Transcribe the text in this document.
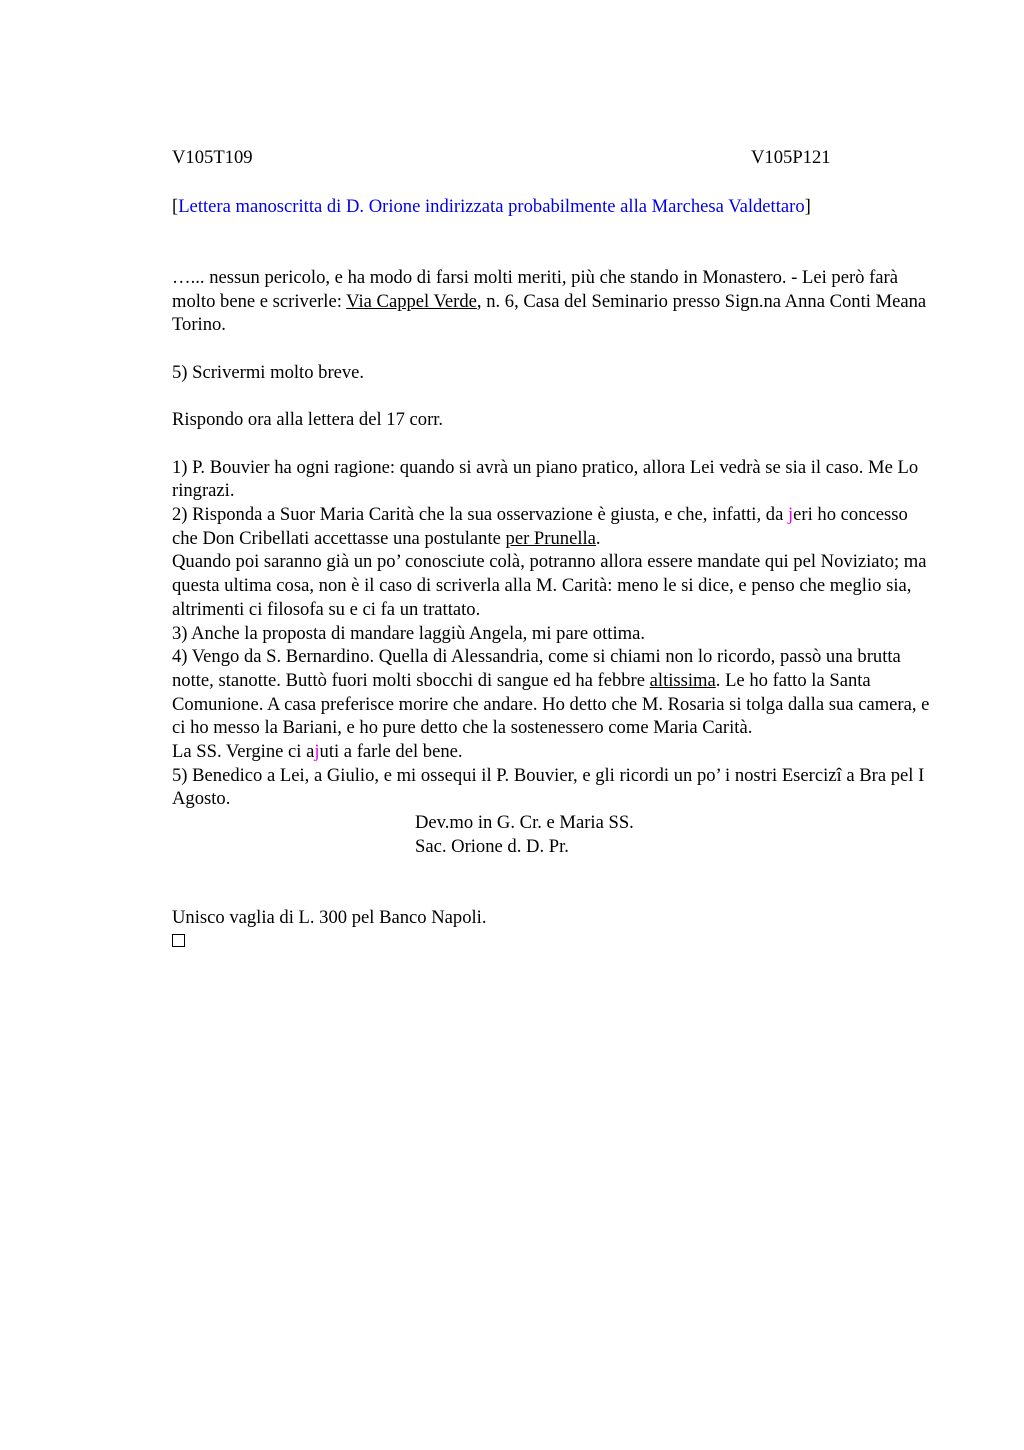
V105T109	V105P121
[Lettera manoscritta di D. Orione indirizzata probabilmente alla Marchesa Valdettaro]

…... nessun pericolo, e ha modo di farsi molti meriti, più che stando in Monastero. - Lei però farà molto bene e scriverle: Via Cappel Verde, n. 6, Casa del Seminario presso Sign.na Anna Conti Meana Torino.

5) Scrivermi molto breve.

Rispondo ora alla lettera del 17 corr.

1) P. Bouvier ha ogni ragione: quando si avrà un piano pratico, allora Lei vedrà se sia il caso. Me Lo ringrazi.

2) Risponda a Suor Maria Carità che la sua osservazione è giusta, e che, infatti, da jeri ho concesso che Don Cribellati accettasse una postulante per Prunella.

Quando poi saranno già un po’ conosciute colà, potranno allora essere mandate qui pel Noviziato; ma questa ultima cosa, non è il caso di scriverla alla M. Carità: meno le si dice, e penso che meglio sia, altrimenti ci filosofa su e ci fa un trattato.

3) Anche la proposta di mandare laggiù Angela, mi pare ottima.

4) Vengo da S. Bernardino. Quella di Alessandria, come si chiami non lo ricordo, passò una brutta notte, stanotte. Buttò fuori molti sbocchi di sangue ed ha febbre altissima. Le ho fatto la Santa Comunione. A casa preferisce morire che andare. Ho detto che M. Rosaria si tolga dalla sua camera, e ci ho messo la Bariani, e ho pure detto che la sostenessero come Maria Carità.

La SS. Vergine ci ajuti a farle del bene.

5) Benedico a Lei, a Giulio, e mi ossequi il P. Bouvier, e gli ricordi un po’ i nostri Esercizi a Bra pel I Agosto.

Dev.mo in G. Cr. e Maria SS.

Sac. Orione d. D. Pr.

Unisco vaglia di L. 300 pel Banco Napoli.
